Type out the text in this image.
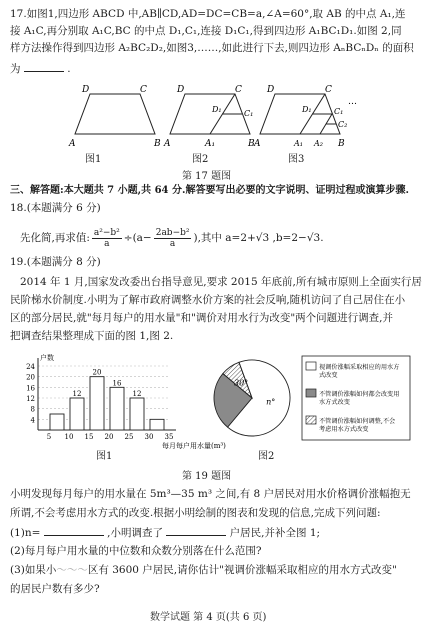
17.如图1,四边形 ABCD 中,AB∥CD,AD=DC=CB=a,∠A=60°,取 AB 的中点 A₁,连
接 A₁C,再分别取 A₁C,BC 的中点 D₁,C₁,连接 D₁C₁,得到四边形 A₁BC₁D₁.如图 2,同
样方法操作得到四边形 A₂BC₂D₂,如图3,……,如此进行下去,则四边形 AₙBCₙDₙ 的面积
为	.
D	C
A	B
D	C
A	A₁	B
D₁	C₁
D	C
A	A₁ A₂ B
D₁	C₁
C₂
…
图1	图2	图3
第 17 题图
三、解答题:本大题共 7 小题,共 64 分.解答要写出必要的文字说明、证明过程或演算步骤.
18.(本题满分 6 分)
先化简,再求值: $\frac{\text{a²−b²}}{a} \div(a- \frac{\text{2ab−b²}}{a}$ ),其中 a=2+√3 ,b=2−√3.
19.(本题满分 8 分)
2014 年 1 月,国家发改委出台指导意见,要求 2015 年底前,所有城市原则上全面实行居
民阶梯水价制度.小明为了解市政府调整水价方案的社会反响,随机访问了自己居住在小
区的部分居民,就"每月每户的用水量"和"调价对用水行为改变"两个问题进行调查,并
把调查结果整理成下面的图 1,图 2.
4
8
12
16
20
24
户数
12
20
16
12
5 10 15 20 25 30 35
每月每户用水量(m³)
n°
30°
视调价涨幅采取相应的用水方式改变
不管调价涨幅如何都会改变用水方式改变
不管调价涨幅如何调整,不会考虑用水方式改变
图1	图2
第 19 题图
小明发现每月每户的用水量在 5m³—35 m³ 之间,有 8 户居民对用水价格调价涨幅抱无
所谓,不会考虑用水方式的改变.根据小明绘制的图表和发现的信息,完成下列问题:
(1)n=	,小明调查了	户居民,并补全图 1;
(2)每月每户用水量的中位数和众数分别落在什么范围?
(3)如果小～～～区有 3600 户居民,请你估计"视调价涨幅采取相应的用水方式改变"
的居民户数有多少?
数学试题 第 4 页(共 6 页)
